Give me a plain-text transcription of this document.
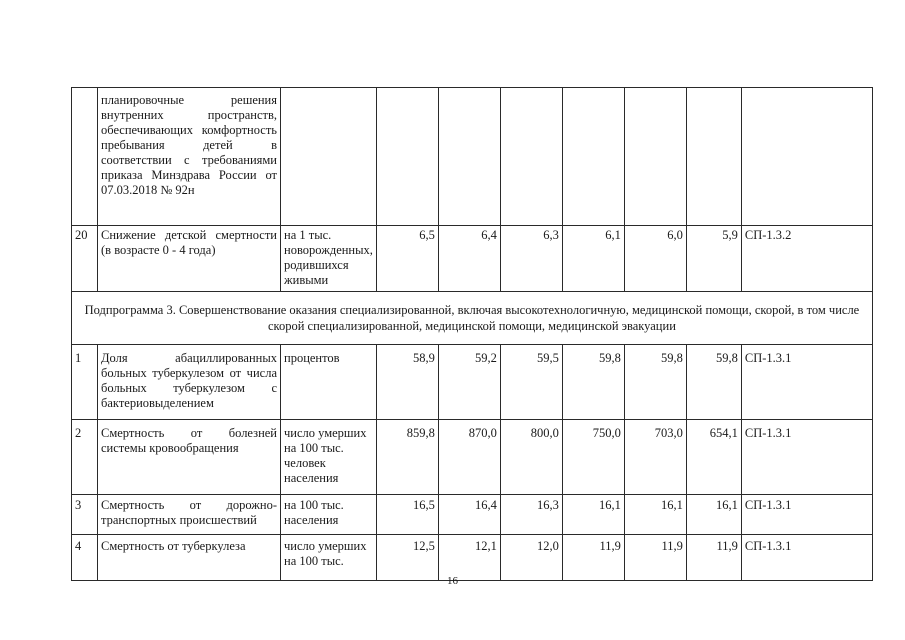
	планировочные решения внутренних пространств, обеспечивающих комфортность пребывания детей в соответствии с требованиями приказа Минздрава России от 07.03.2018 № 92н								
20	Снижение детской смертности (в возрасте 0 - 4 года)	на 1 тыс. новорожденных, родившихся живыми	6,5	6,4	6,3	6,1	6,0	5,9	СП-1.3.2
Подпрограмма 3. Совершенствование оказания специализированной, включая высокотехнологичную, медицинской помощи, скорой, в том числе скорой специализированной, медицинской помощи, медицинской эвакуации									
1	Доля абациллированных больных туберкулезом от числа больных туберкулезом с бактериовыделением	процентов	58,9	59,2	59,5	59,8	59,8	59,8	СП-1.3.1
2	Смертность от болезней системы кровообращения	число умерших на 100 тыс. человек населения	859,8	870,0	800,0	750,0	703,0	654,1	СП-1.3.1
3	Смертность от дорожно-транспортных происшествий	на 100 тыс. населения	16,5	16,4	16,3	16,1	16,1	16,1	СП-1.3.1
4	Смертность от туберкулеза	число умерших на 100 тыс.	12,5	12,1	12,0	11,9	11,9	11,9	СП-1.3.1
16
